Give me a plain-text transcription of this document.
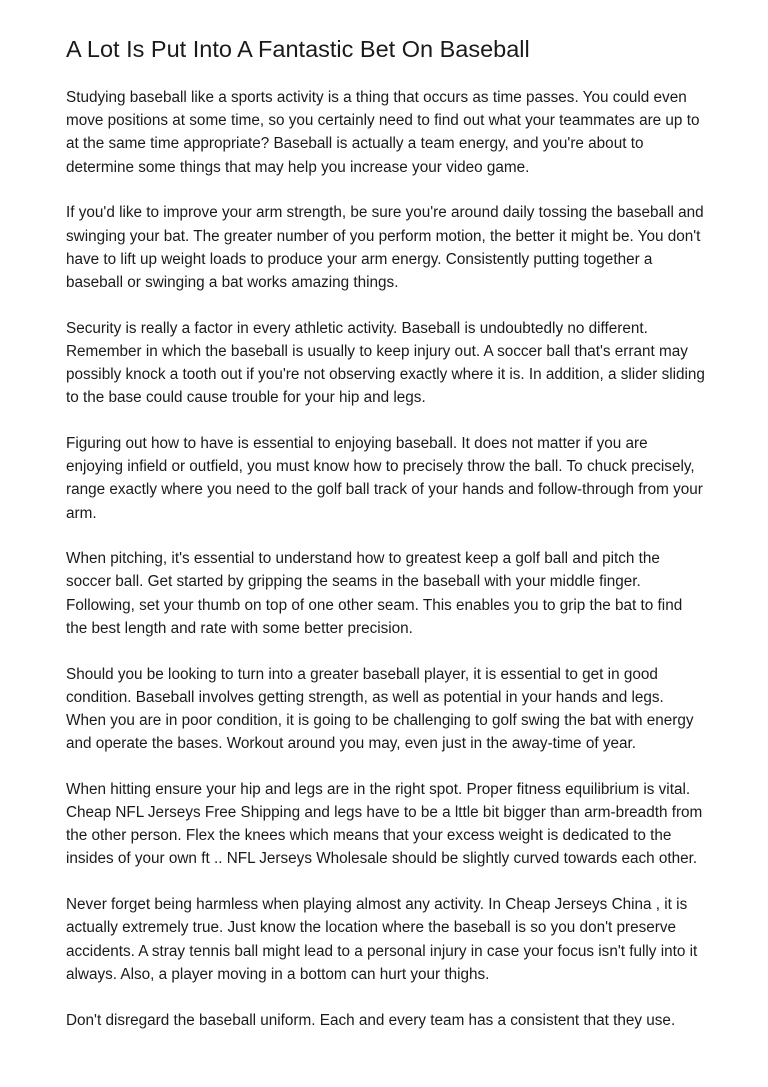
A Lot Is Put Into A Fantastic Bet On Baseball

Studying baseball like a sports activity is a thing that occurs as time passes. You could even move positions at some time, so you certainly need to find out what your teammates are up to at the same time appropriate? Baseball is actually a team energy, and you're about to determine some things that may help you increase your video game.

If you'd like to improve your arm strength, be sure you're around daily tossing the baseball and swinging your bat. The greater number of you perform motion, the better it might be. You don't have to lift up weight loads to produce your arm energy. Consistently putting together a baseball or swinging a bat works amazing things.

Security is really a factor in every athletic activity. Baseball is undoubtedly no different. Remember in which the baseball is usually to keep injury out. A soccer ball that's errant may possibly knock a tooth out if you're not observing exactly where it is. In addition, a slider sliding to the base could cause trouble for your hip and legs.

Figuring out how to have is essential to enjoying baseball. It does not matter if you are enjoying infield or outfield, you must know how to precisely throw the ball. To chuck precisely, range exactly where you need to the golf ball track of your hands and follow-through from your arm.

When pitching, it's essential to understand how to greatest keep a golf ball and pitch the soccer ball. Get started by gripping the seams in the baseball with your middle finger. Following, set your thumb on top of one other seam. This enables you to grip the bat to find the best length and rate with some better precision.

Should you be looking to turn into a greater baseball player, it is essential to get in good condition. Baseball involves getting strength, as well as potential in your hands and legs. When you are in poor condition, it is going to be challenging to golf swing the bat with energy and operate the bases. Workout around you may, even just in the away-time of year.

When hitting ensure your hip and legs are in the right spot. Proper fitness equilibrium is vital. Cheap NFL Jerseys Free Shipping and legs have to be a lttle bit bigger than arm-breadth from the other person. Flex the knees which means that your excess weight is dedicated to the insides of your own ft .. NFL Jerseys Wholesale should be slightly curved towards each other.

Never forget being harmless when playing almost any activity. In Cheap Jerseys China , it is actually extremely true. Just know the location where the baseball is so you don't preserve accidents. A stray tennis ball might lead to a personal injury in case your focus isn't fully into it always. Also, a player moving in a bottom can hurt your thighs.

Don't disregard the baseball uniform. Each and every team has a consistent that they use.
